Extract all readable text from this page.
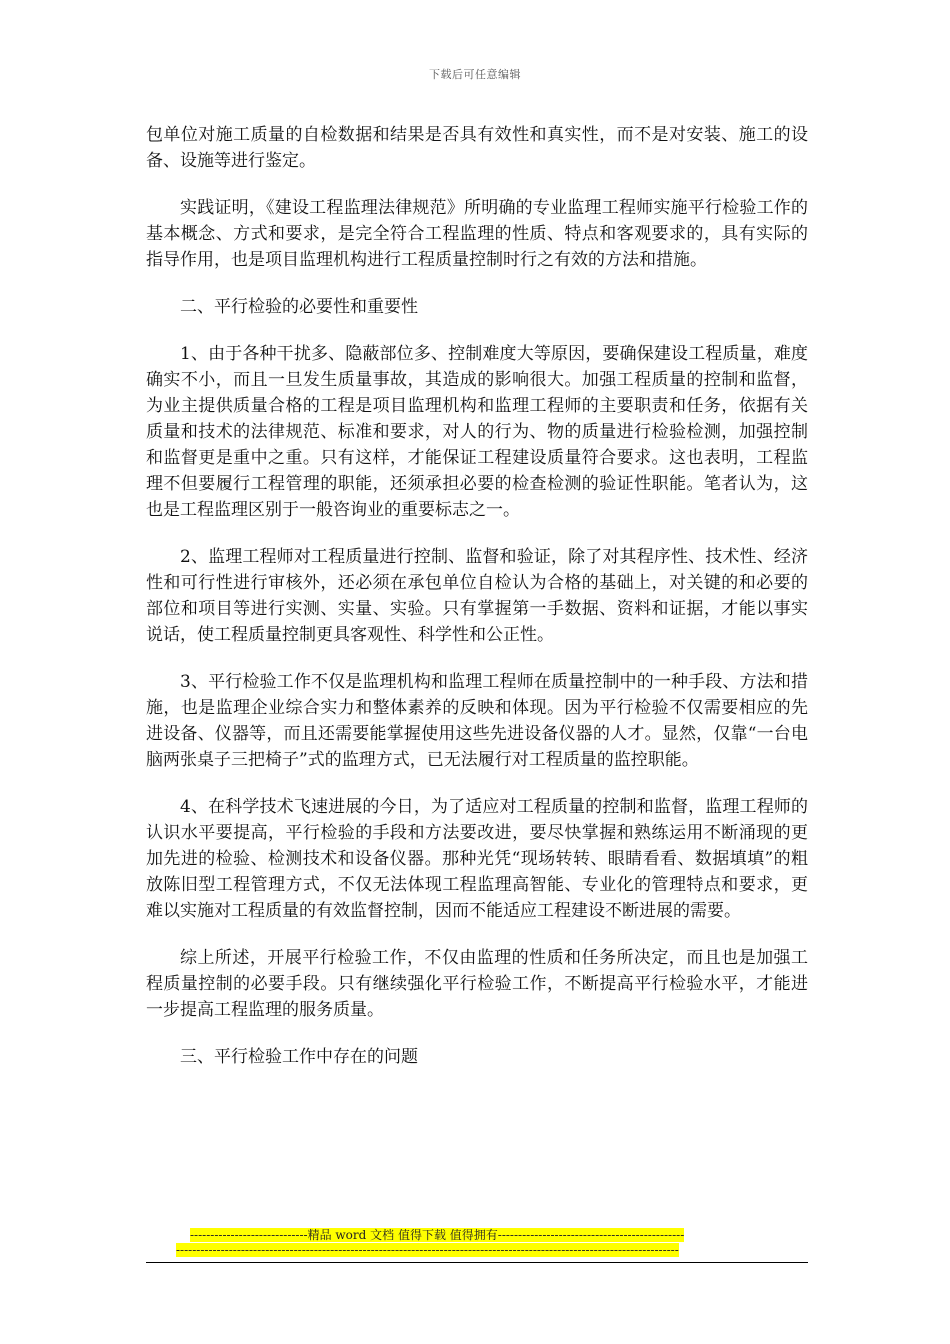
下载后可任意编辑

包单位对施工质量的自检数据和结果是否具有效性和真实性，而不是对安装、施工的设备、设施等进行鉴定。

实践证明，《建设工程监理法律规范》所明确的专业监理工程师实施平行检验工作的基本概念、方式和要求，是完全符合工程监理的性质、特点和客观要求的，具有实际的指导作用，也是项目监理机构进行工程质量控制时行之有效的方法和措施。

二、平行检验的必要性和重要性

1、由于各种干扰多、隐蔽部位多、控制难度大等原因，要确保建设工程质量，难度确实不小，而且一旦发生质量事故，其造成的影响很大。加强工程质量的控制和监督，为业主提供质量合格的工程是项目监理机构和监理工程师的主要职责和任务，依据有关质量和技术的法律规范、标准和要求，对人的行为、物的质量进行检验检测，加强控制和监督更是重中之重。只有这样，才能保证工程建设质量符合要求。这也表明，工程监理不但要履行工程管理的职能，还须承担必要的检查检测的验证性职能。笔者认为，这也是工程监理区别于一般咨询业的重要标志之一。

2、监理工程师对工程质量进行控制、监督和验证，除了对其程序性、技术性、经济性和可行性进行审核外，还必须在承包单位自检认为合格的基础上，对关键的和必要的部位和项目等进行实测、实量、实验。只有掌握第一手数据、资料和证据，才能以事实说话，使工程质量控制更具客观性、科学性和公正性。

3、平行检验工作不仅是监理机构和监理工程师在质量控制中的一种手段、方法和措施，也是监理企业综合实力和整体素养的反映和体现。因为平行检验不仅需要相应的先进设备、仪器等，而且还需要能掌握使用这些先进设备仪器的人才。显然，仅靠“一台电脑两张桌子三把椅子”式的监理方式，已无法履行对工程质量的监控职能。

4、在科学技术飞速进展的今日，为了适应对工程质量的控制和监督，监理工程师的认识水平要提高，平行检验的手段和方法要改进，要尽快掌握和熟练运用不断涌现的更加先进的检验、检测技术和设备仪器。那种光凭“现场转转、眼睛看看、数据填填”的粗放陈旧型工程管理方式，不仅无法体现工程监理高智能、专业化的管理特点和要求，更难以实施对工程质量的有效监督控制，因而不能适应工程建设不断进展的需要。

综上所述，开展平行检验工作，不仅由监理的性质和任务所决定，而且也是加强工程质量控制的必要手段。只有继续强化平行检验工作，不断提高平行检验水平，才能进一步提高工程监理的服务质量。

三、平行检验工作中存在的问题

-----------------------------精品 word 文档 值得下载 值得拥有----------------------------------------------
----------------------------------------------------------------------------------------------------------------------------
